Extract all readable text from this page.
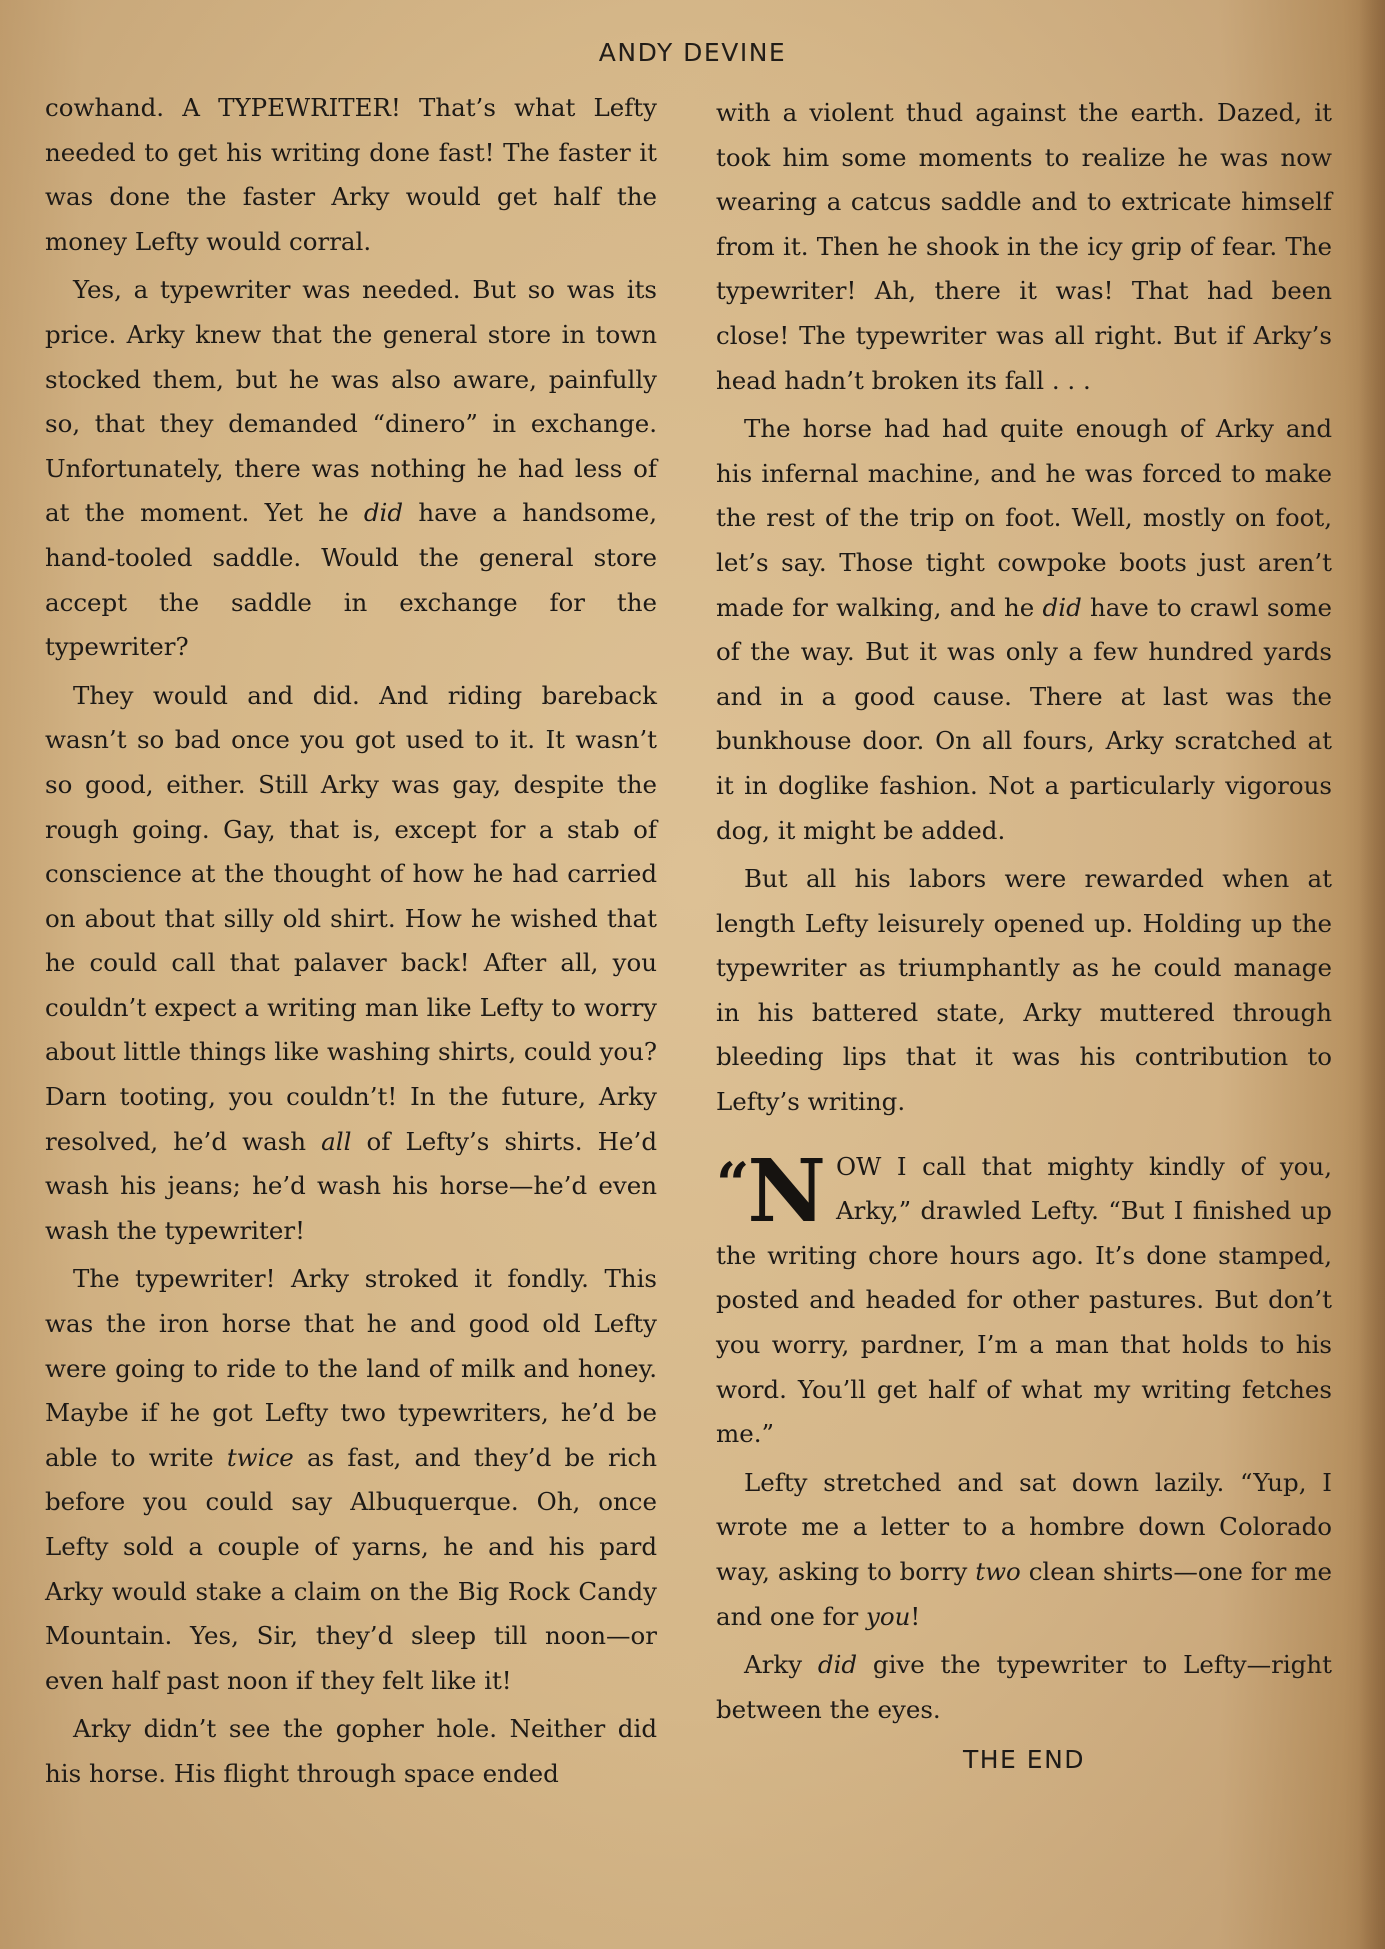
ANDY DEVINE

cowhand. A TYPEWRITER! That’s what Lefty needed to get his writing done fast! The faster it was done the faster Arky would get half the money Lefty would corral.

Yes, a typewriter was needed. But so was its price. Arky knew that the general store in town stocked them, but he was also aware, painfully so, that they demanded “dinero” in exchange. Unfortunately, there was nothing he had less of at the moment. Yet he did have a handsome, hand-tooled saddle. Would the general store accept the saddle in exchange for the typewriter?

They would and did. And riding bareback wasn’t so bad once you got used to it. It wasn’t so good, either. Still Arky was gay, despite the rough going. Gay, that is, except for a stab of conscience at the thought of how he had carried on about that silly old shirt. How he wished that he could call that palaver back! After all, you couldn’t expect a writing man like Lefty to worry about little things like washing shirts, could you? Darn tooting, you couldn’t! In the future, Arky resolved, he’d wash all of Lefty’s shirts. He’d wash his jeans; he’d wash his horse—he’d even wash the typewriter!

The typewriter! Arky stroked it fondly. This was the iron horse that he and good old Lefty were going to ride to the land of milk and honey. Maybe if he got Lefty two typewriters, he’d be able to write twice as fast, and they’d be rich before you could say Albuquerque. Oh, once Lefty sold a couple of yarns, he and his pard Arky would stake a claim on the Big Rock Candy Mountain. Yes, Sir, they’d sleep till noon—or even half past noon if they felt like it!

Arky didn’t see the gopher hole. Neither did his horse. His flight through space ended

with a violent thud against the earth. Dazed, it took him some moments to realize he was now wearing a catcus saddle and to extricate himself from it. Then he shook in the icy grip of fear. The typewriter! Ah, there it was! That had been close! The typewriter was all right. But if Arky’s head hadn’t broken its fall . . .

The horse had had quite enough of Arky and his infernal machine, and he was forced to make the rest of the trip on foot. Well, mostly on foot, let’s say. Those tight cowpoke boots just aren’t made for walking, and he did have to crawl some of the way. But it was only a few hundred yards and in a good cause. There at last was the bunkhouse door. On all fours, Arky scratched at it in doglike fashion. Not a particularly vigorous dog, it might be added.

But all his labors were rewarded when at length Lefty leisurely opened up. Holding up the typewriter as triumphantly as he could manage in his battered state, Arky muttered through bleeding lips that it was his contribution to Lefty’s writing.

“N OW I call that mighty kindly of you, Arky,” drawled Lefty. “But I finished up the writing chore hours ago. It’s done stamped, posted and headed for other pastures. But don’t you worry, pardner, I’m a man that holds to his word. You’ll get half of what my writing fetches me.”

Lefty stretched and sat down lazily. “Yup, I wrote me a letter to a hombre down Colorado way, asking to borry two clean shirts—one for me and one for you!

Arky did give the typewriter to Lefty—right between the eyes.

THE END
